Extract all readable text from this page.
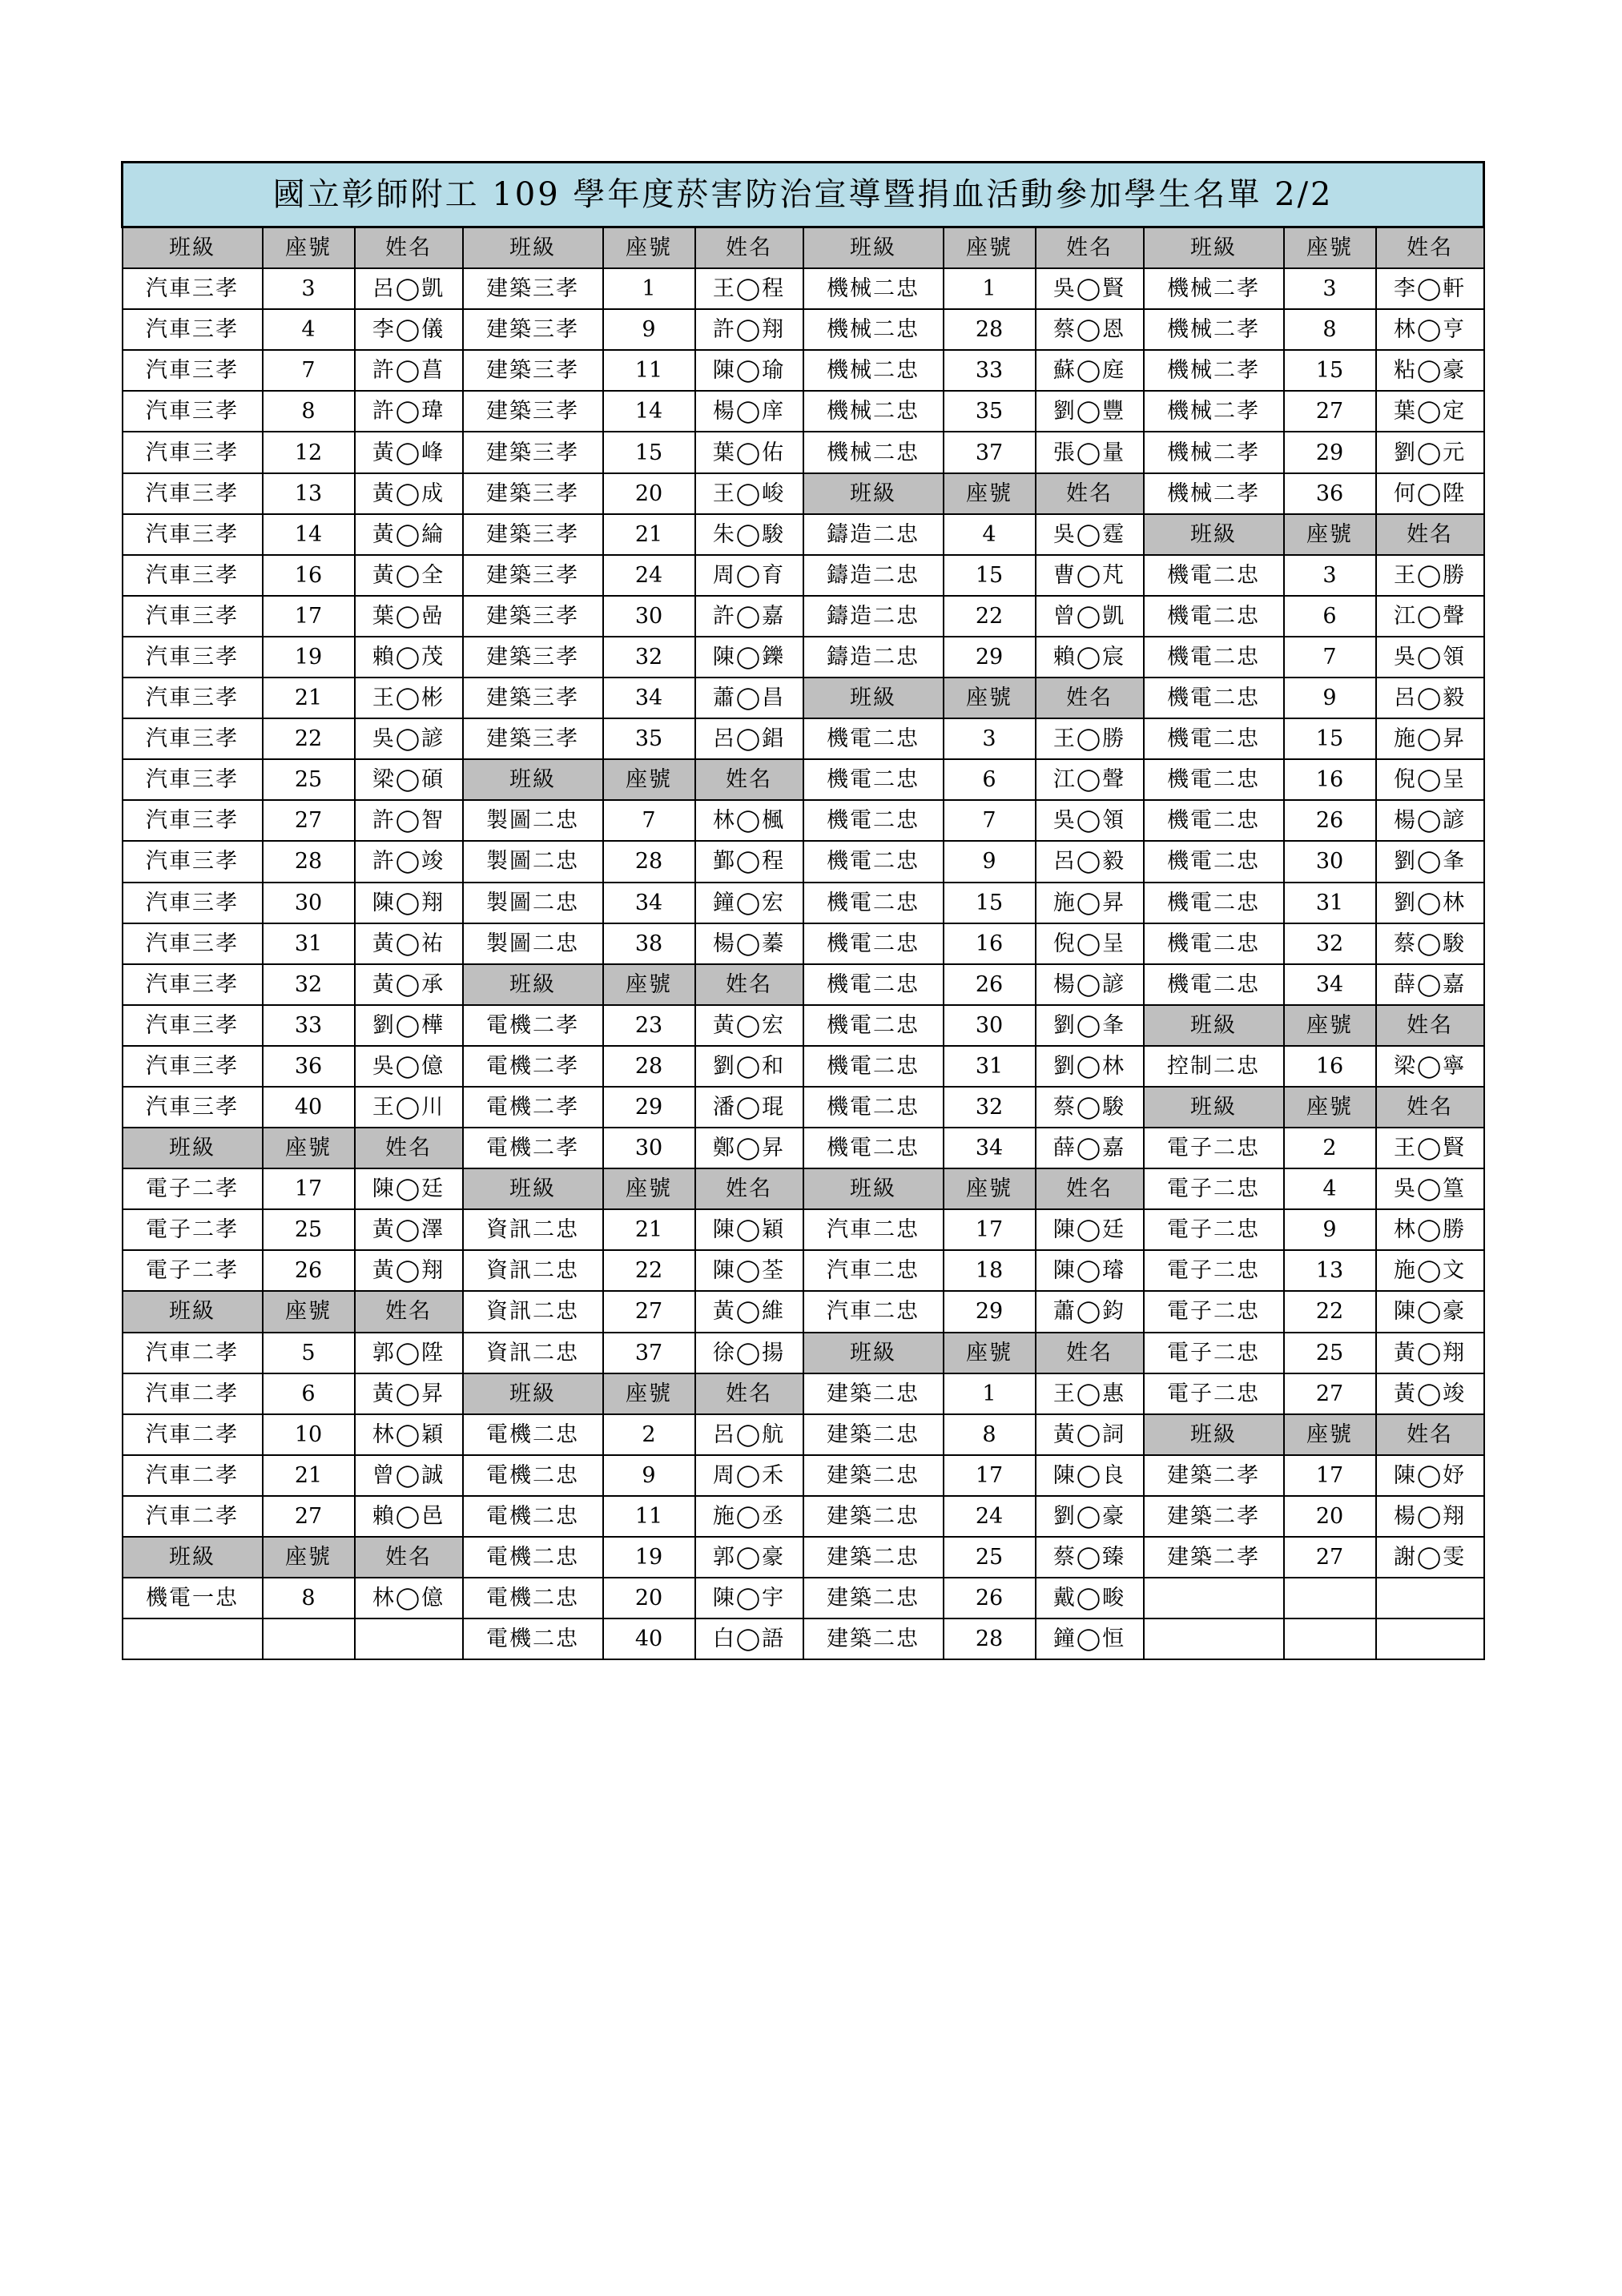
國立彰師附工 109 學年度菸害防治宣導暨捐血活動參加學生名單 2/2											
班級	座號	姓名	班級	座號	姓名	班級	座號	姓名	班級	座號	姓名
汽車三孝	3	呂◯凱	建築三孝	1	王◯程	機械二忠	1	吳◯賢	機械二孝	3	李◯軒
汽車三孝	4	李◯儀	建築三孝	9	許◯翔	機械二忠	28	蔡◯恩	機械二孝	8	林◯亨
汽車三孝	7	許◯菖	建築三孝	11	陳◯瑜	機械二忠	33	蘇◯庭	機械二孝	15	粘◯豪
汽車三孝	8	許◯瑋	建築三孝	14	楊◯庠	機械二忠	35	劉◯豐	機械二孝	27	葉◯定
汽車三孝	12	黃◯峰	建築三孝	15	葉◯佑	機械二忠	37	張◯量	機械二孝	29	劉◯元
汽車三孝	13	黃◯成	建築三孝	20	王◯峻	班級	座號	姓名	機械二孝	36	何◯陞
汽車三孝	14	黃◯綸	建築三孝	21	朱◯駿	鑄造二忠	4	吳◯霆	班級	座號	姓名
汽車三孝	16	黃◯全	建築三孝	24	周◯育	鑄造二忠	15	曹◯芃	機電二忠	3	王◯勝
汽車三孝	17	葉◯喦	建築三孝	30	許◯嘉	鑄造二忠	22	曾◯凱	機電二忠	6	江◯聲
汽車三孝	19	賴◯茂	建築三孝	32	陳◯鑠	鑄造二忠	29	賴◯宸	機電二忠	7	吳◯領
汽車三孝	21	王◯彬	建築三孝	34	蕭◯昌	班級	座號	姓名	機電二忠	9	呂◯毅
汽車三孝	22	吳◯諺	建築三孝	35	呂◯錩	機電二忠	3	王◯勝	機電二忠	15	施◯昇
汽車三孝	25	梁◯碩	班級	座號	姓名	機電二忠	6	江◯聲	機電二忠	16	倪◯呈
汽車三孝	27	許◯智	製圖二忠	7	林◯楓	機電二忠	7	吳◯領	機電二忠	26	楊◯諺
汽車三孝	28	許◯竣	製圖二忠	28	鄞◯程	機電二忠	9	呂◯毅	機電二忠	30	劉◯夆
汽車三孝	30	陳◯翔	製圖二忠	34	鐘◯宏	機電二忠	15	施◯昇	機電二忠	31	劉◯林
汽車三孝	31	黃◯祐	製圖二忠	38	楊◯蓁	機電二忠	16	倪◯呈	機電二忠	32	蔡◯駿
汽車三孝	32	黃◯承	班級	座號	姓名	機電二忠	26	楊◯諺	機電二忠	34	薛◯嘉
汽車三孝	33	劉◯樺	電機二孝	23	黃◯宏	機電二忠	30	劉◯夆	班級	座號	姓名
汽車三孝	36	吳◯億	電機二孝	28	劉◯和	機電二忠	31	劉◯林	控制二忠	16	梁◯寧
汽車三孝	40	王◯川	電機二孝	29	潘◯琨	機電二忠	32	蔡◯駿	班級	座號	姓名
班級	座號	姓名	電機二孝	30	鄭◯昇	機電二忠	34	薛◯嘉	電子二忠	2	王◯賢
電子二孝	17	陳◯廷	班級	座號	姓名	班級	座號	姓名	電子二忠	4	吳◯篁
電子二孝	25	黃◯澤	資訊二忠	21	陳◯穎	汽車二忠	17	陳◯廷	電子二忠	9	林◯勝
電子二孝	26	黃◯翔	資訊二忠	22	陳◯荃	汽車二忠	18	陳◯璿	電子二忠	13	施◯文
班級	座號	姓名	資訊二忠	27	黃◯維	汽車二忠	29	蕭◯鈞	電子二忠	22	陳◯豪
汽車二孝	5	郭◯陞	資訊二忠	37	徐◯揚	班級	座號	姓名	電子二忠	25	黃◯翔
汽車二孝	6	黃◯昇	班級	座號	姓名	建築二忠	1	王◯惠	電子二忠	27	黃◯竣
汽車二孝	10	林◯穎	電機二忠	2	呂◯航	建築二忠	8	黃◯詞	班級	座號	姓名
汽車二孝	21	曾◯誠	電機二忠	9	周◯禾	建築二忠	17	陳◯良	建築二孝	17	陳◯妤
汽車二孝	27	賴◯邑	電機二忠	11	施◯丞	建築二忠	24	劉◯豪	建築二孝	20	楊◯翔
班級	座號	姓名	電機二忠	19	郭◯豪	建築二忠	25	蔡◯臻	建築二孝	27	謝◯雯
機電一忠	8	林◯億	電機二忠	20	陳◯宇	建築二忠	26	戴◯畯			
			電機二忠	40	白◯語	建築二忠	28	鐘◯恒			
